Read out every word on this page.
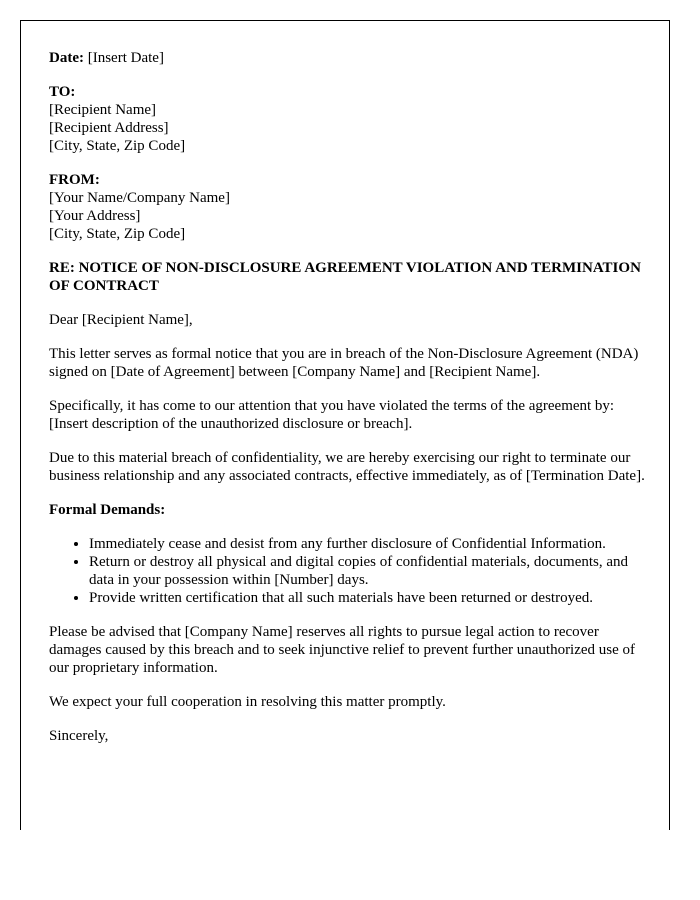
Date: [Insert Date]

TO:
[Recipient Name]
[Recipient Address]
[City, State, Zip Code]
FROM:
[Your Name/Company Name]
[Your Address]
[City, State, Zip Code]

RE: NOTICE OF NON-DISCLOSURE AGREEMENT VIOLATION AND TERMINATION OF CONTRACT

Dear [Recipient Name],

This letter serves as formal notice that you are in breach of the Non-Disclosure Agreement (NDA) signed on [Date of Agreement] between [Company Name] and [Recipient Name].

Specifically, it has come to our attention that you have violated the terms of the agreement by:
[Insert description of the unauthorized disclosure or breach].

Due to this material breach of confidentiality, we are hereby exercising our right to terminate our business relationship and any associated contracts, effective immediately, as of [Termination Date].

Formal Demands:

• Immediately cease and desist from any further disclosure of Confidential Information.
• Return or destroy all physical and digital copies of confidential materials, documents, and data in your possession within [Number] days.
• Provide written certification that all such materials have been returned or destroyed.

Please be advised that [Company Name] reserves all rights to pursue legal action to recover damages caused by this breach and to seek injunctive relief to prevent further unauthorized use of our proprietary information.

We expect your full cooperation in resolving this matter promptly.

Sincerely,
